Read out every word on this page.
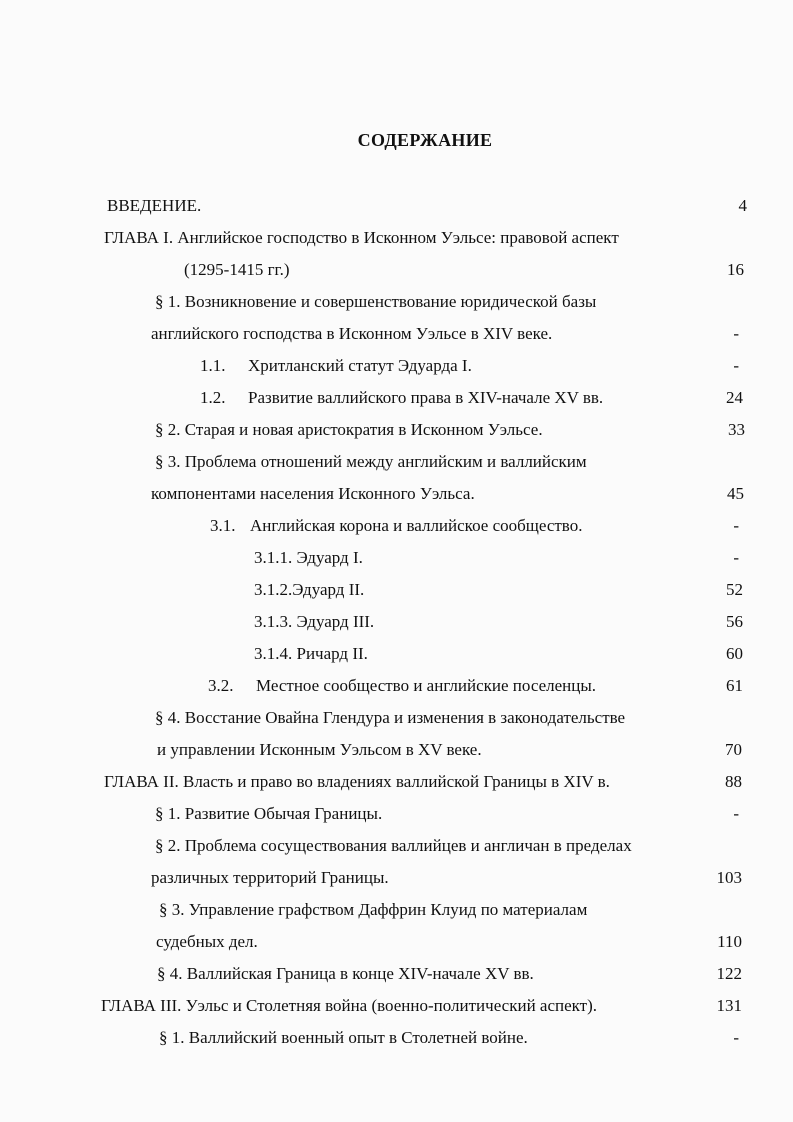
СОДЕРЖАНИЕ
ВВЕДЕНИЕ.	4
ГЛАВА I. Английское господство в Исконном Уэльсе: правовой аспект
(1295-1415 гг.)	16
§ 1. Возникновение и совершенствование юридической базы
английского господства в Исконном Уэльсе в XIV веке.	-
1.1. Хритланский статут Эдуарда I.	-
1.2. Развитие валлийского права в XIV-начале XV вв.	24
§ 2. Старая и новая аристократия в Исконном Уэльсе.	33
§ 3. Проблема отношений между английским и валлийским
компонентами населения Исконного Уэльса.	45
3.1. Английская корона и валлийское сообщество.	-
3.1.1. Эдуард I.	-
3.1.2.Эдуард II.	52
3.1.3. Эдуард III.	56
3.1.4. Ричард II.	60
3.2. Местное сообщество и английские поселенцы.	61
§ 4. Восстание Овайна Глендура и изменения в законодательстве
и управлении Исконным Уэльсом в XV веке.	70
ГЛАВА II. Власть и право во владениях валлийской Границы в XIV в.	88
§ 1. Развитие Обычая Границы.	-
§ 2. Проблема сосуществования валлийцев и англичан в пределах
различных территорий Границы.	103
§ 3. Управление графством Даффрин Клуид по материалам
судебных дел.	110
§ 4. Валлийская Граница в конце XIV-начале XV вв.	122
ГЛАВА III. Уэльс и Столетняя война (военно-политический аспект).	131
§ 1. Валлийский военный опыт в Столетней войне.	-
